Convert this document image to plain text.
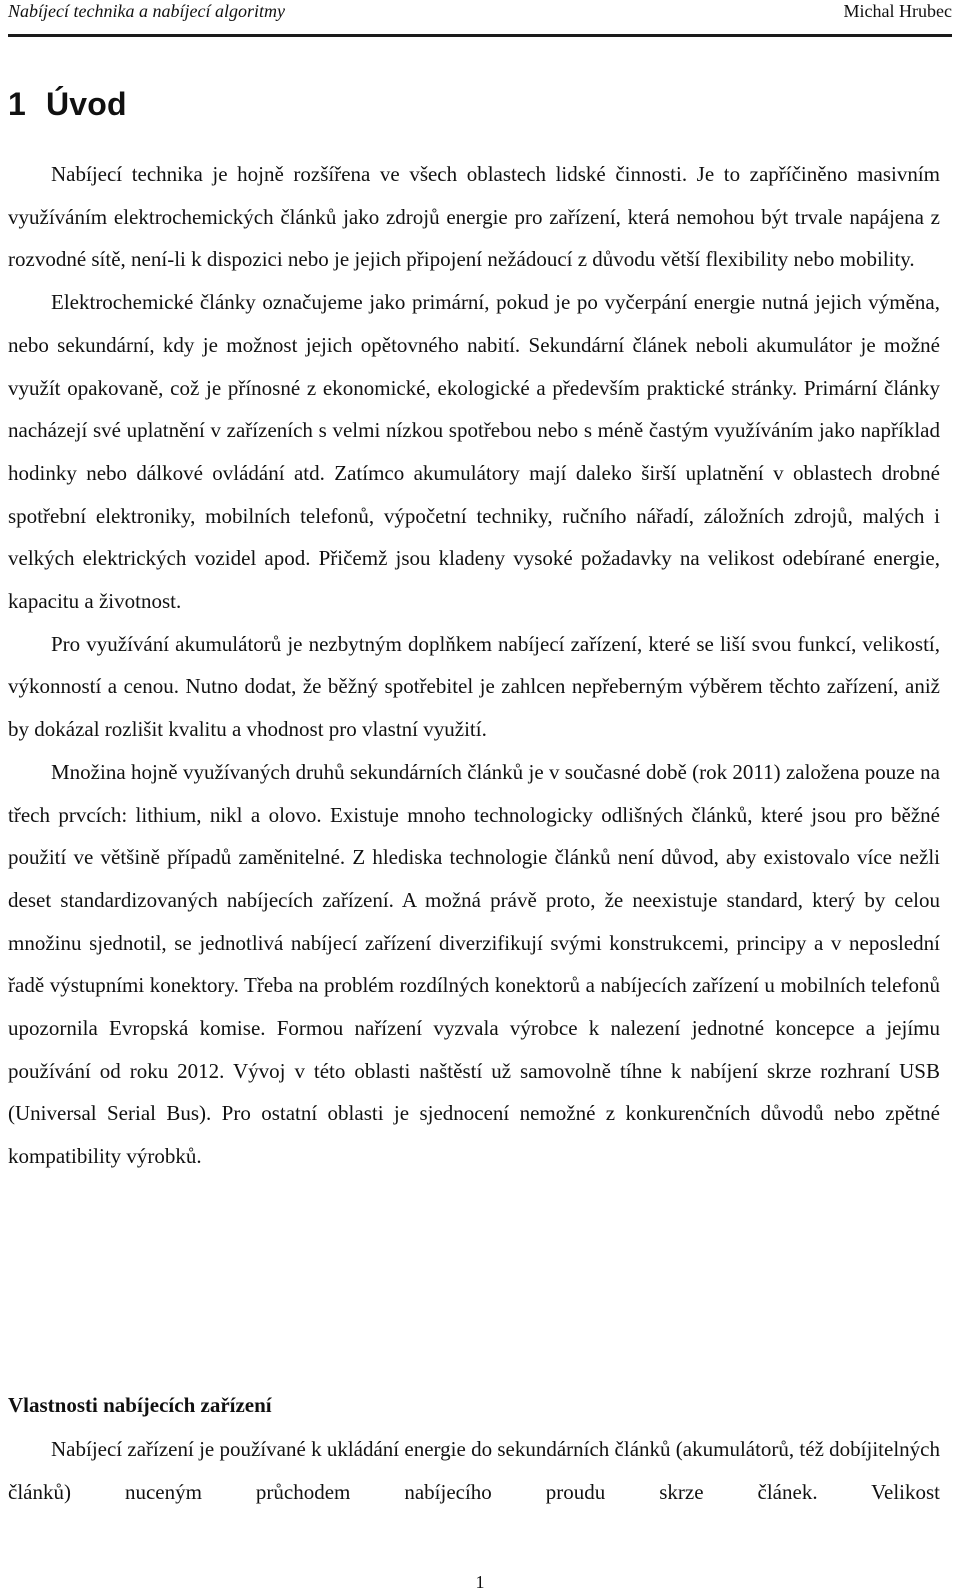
Nabíjecí technika a nabíjecí algoritmy	Michal Hrubec
1 Úvod

Nabíjecí technika je hojně rozšířena ve všech oblastech lidské činnosti. Je to zapříčiněno masivním využíváním elektrochemických článků jako zdrojů energie pro zařízení, která nemohou být trvale napájena z rozvodné sítě, není-li k dispozici nebo je jejich připojení nežádoucí z důvodu větší flexibility nebo mobility.

Elektrochemické články označujeme jako primární, pokud je po vyčerpání energie nutná jejich výměna, nebo sekundární, kdy je možnost jejich opětovného nabití. Sekundární článek neboli akumulátor je možné využít opakovaně, což je přínosné z ekonomické, ekologické a především praktické stránky. Primární články nacházejí své uplatnění v zařízeních s velmi nízkou spotřebou nebo s méně častým využíváním jako například hodinky nebo dálkové ovládání atd. Zatímco akumulátory mají daleko širší uplatnění v oblastech drobné spotřební elektroniky, mobilních telefonů, výpočetní techniky, ručního nářadí, záložních zdrojů, malých i velkých elektrických vozidel apod. Přičemž jsou kladeny vysoké požadavky na velikost odebírané energie, kapacitu a životnost.

Pro využívání akumulátorů je nezbytným doplňkem nabíjecí zařízení, které se liší svou funkcí, velikostí, výkonností a cenou. Nutno dodat, že běžný spotřebitel je zahlcen nepřeberným výběrem těchto zařízení, aniž by dokázal rozlišit kvalitu a vhodnost pro vlastní využití.

Množina hojně využívaných druhů sekundárních článků je v současné době (rok 2011) založena pouze na třech prvcích: lithium, nikl a olovo. Existuje mnoho technologicky odlišných článků, které jsou pro běžné použití ve většině případů zaměnitelné. Z hlediska technologie článků není důvod, aby existovalo více nežli deset standardizovaných nabíjecích zařízení. A možná právě proto, že neexistuje standard, který by celou množinu sjednotil, se jednotlivá nabíjecí zařízení diverzifikují svými konstrukcemi, principy a v neposlední řadě výstupními konektory. Třeba na problém rozdílných konektorů a nabíjecích zařízení u mobilních telefonů upozornila Evropská komise. Formou nařízení vyzvala výrobce k nalezení jednotné koncepce a jejímu používání od roku 2012. Vývoj v této oblasti naštěstí už samovolně tíhne k nabíjení skrze rozhraní USB (Universal Serial Bus). Pro ostatní oblasti je sjednocení nemožné z konkurenčních důvodů nebo zpětné kompatibility výrobků.

Vlastnosti nabíjecích zařízení

Nabíjecí zařízení je používané k ukládání energie do sekundárních článků (akumulátorů, též dobíjitelných článků) nuceným průchodem nabíjecího proudu skrze článek. Velikost

1
